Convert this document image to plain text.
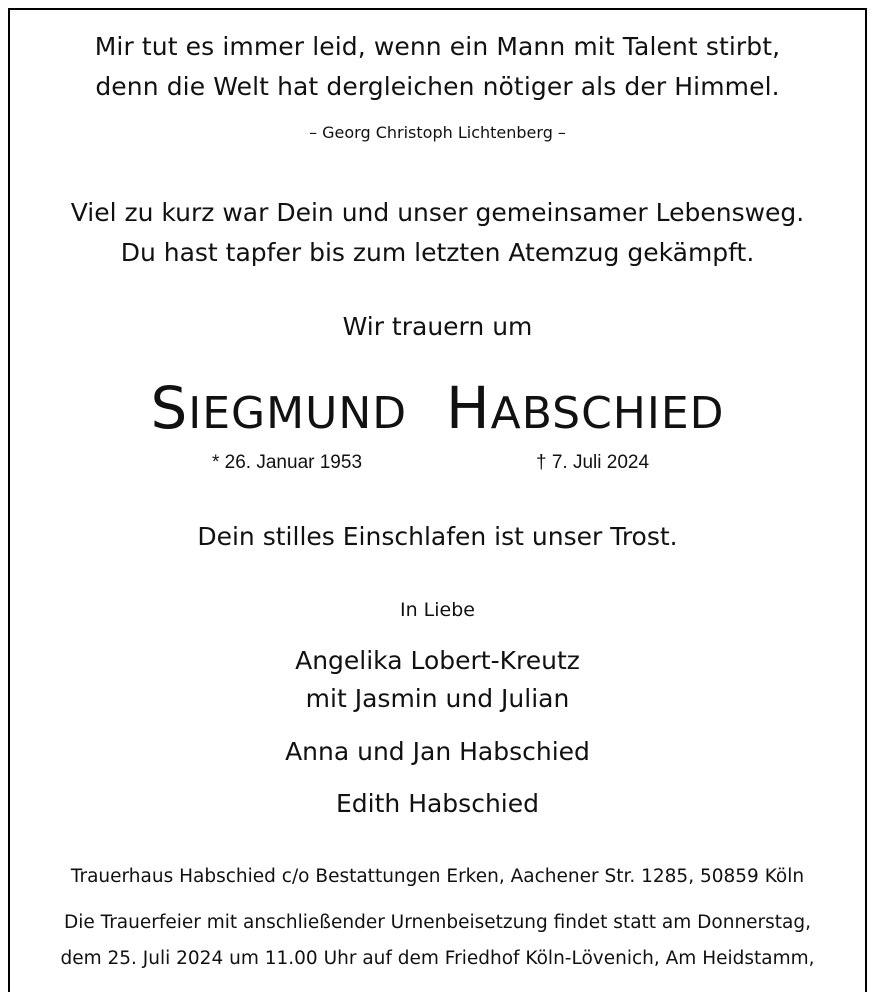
Mir tut es immer leid, wenn ein Mann mit Talent stirbt,
denn die Welt hat dergleichen nötiger als der Himmel.
– Georg Christoph Lichtenberg –
Viel zu kurz war Dein und unser gemeinsamer Lebensweg.
Du hast tapfer bis zum letzten Atemzug gekämpft.
Wir trauern um
SIEGMUND HABSCHIED
* 26. Januar 1953	† 7. Juli 2024
Dein stilles Einschlafen ist unser Trost.
In Liebe
Angelika Lobert-Kreutz
mit Jasmin und Julian
Anna und Jan Habschied
Edith Habschied
Trauerhaus Habschied c/o Bestattungen Erken, Aachener Str. 1285, 50859 Köln
Die Trauerfeier mit anschließender Urnenbeisetzung findet statt am Donnerstag,
dem 25. Juli 2024 um 11.00 Uhr auf dem Friedhof Köln-Lövenich, Am Heidstamm,
